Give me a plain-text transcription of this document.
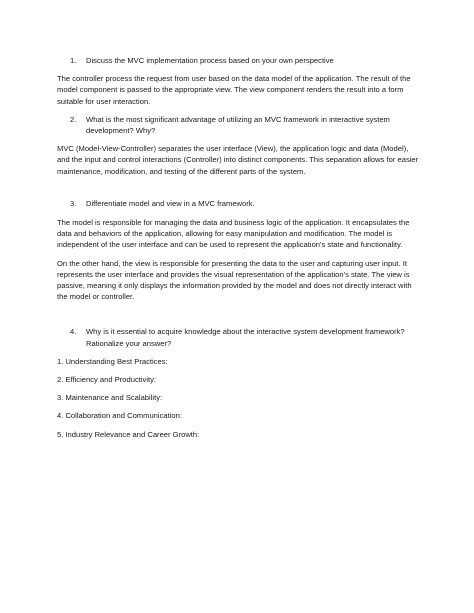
1.	Discuss the MVC implementation process based on your own perspective

The controller process the request from user based on the data model of the application. The result of the model component is passed to the appropriate view. The view component renders the result into a form suitable for user interaction.

2.	What is the most significant advantage of utilizing an MVC framework in interactive system development? Why?

MVC (Model-View-Controller) separates the user interface (View), the application logic and data (Model), and the input and control interactions (Controller) into distinct components. This separation allows for easier maintenance, modification, and testing of the different parts of the system.

3.	Differentiate model and view in a MVC framework.

The model is responsible for managing the data and business logic of the application. It encapsulates the data and behaviors of the application, allowing for easy manipulation and modification. The model is independent of the user interface and can be used to represent the application's state and functionality.

On the other hand, the view is responsible for presenting the data to the user and capturing user input. It represents the user interface and provides the visual representation of the application's state. The view is passive, meaning it only displays the information provided by the model and does not directly interact with the model or controller.

4.	Why is it essential to acquire knowledge about the interactive system development framework? Rationalize your answer?

1. Understanding Best Practices:

2. Efficiency and Productivity:

3. Maintenance and Scalability:

4. Collaboration and Communication:

5. Industry Relevance and Career Growth:
